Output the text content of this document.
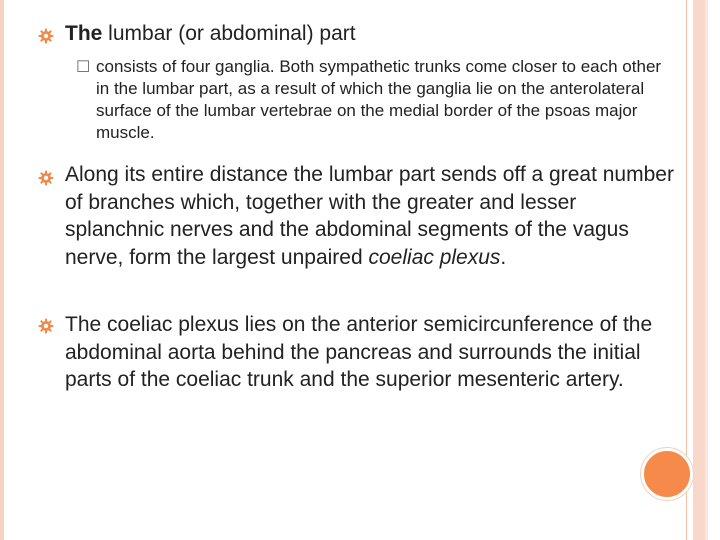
The lumbar (or abdominal) part
☐ consists of four ganglia. Both sympathetic trunks come closer to each other in the lumbar part, as a result of which the ganglia lie on the anterolateral surface of the lumbar vertebrae on the medial border of the psoas major muscle.

Along its entire distance the lumbar part sends off a great number of branches which, together with the greater and lesser splanchnic nerves and the abdominal segments of the vagus nerve, form the largest unpaired coeliac plexus.

The coeliac plexus lies on the anterior semicircunference of the abdominal aorta behind the pancreas and surrounds the initial parts of the coeliac trunk and the superior mesenteric artery.
